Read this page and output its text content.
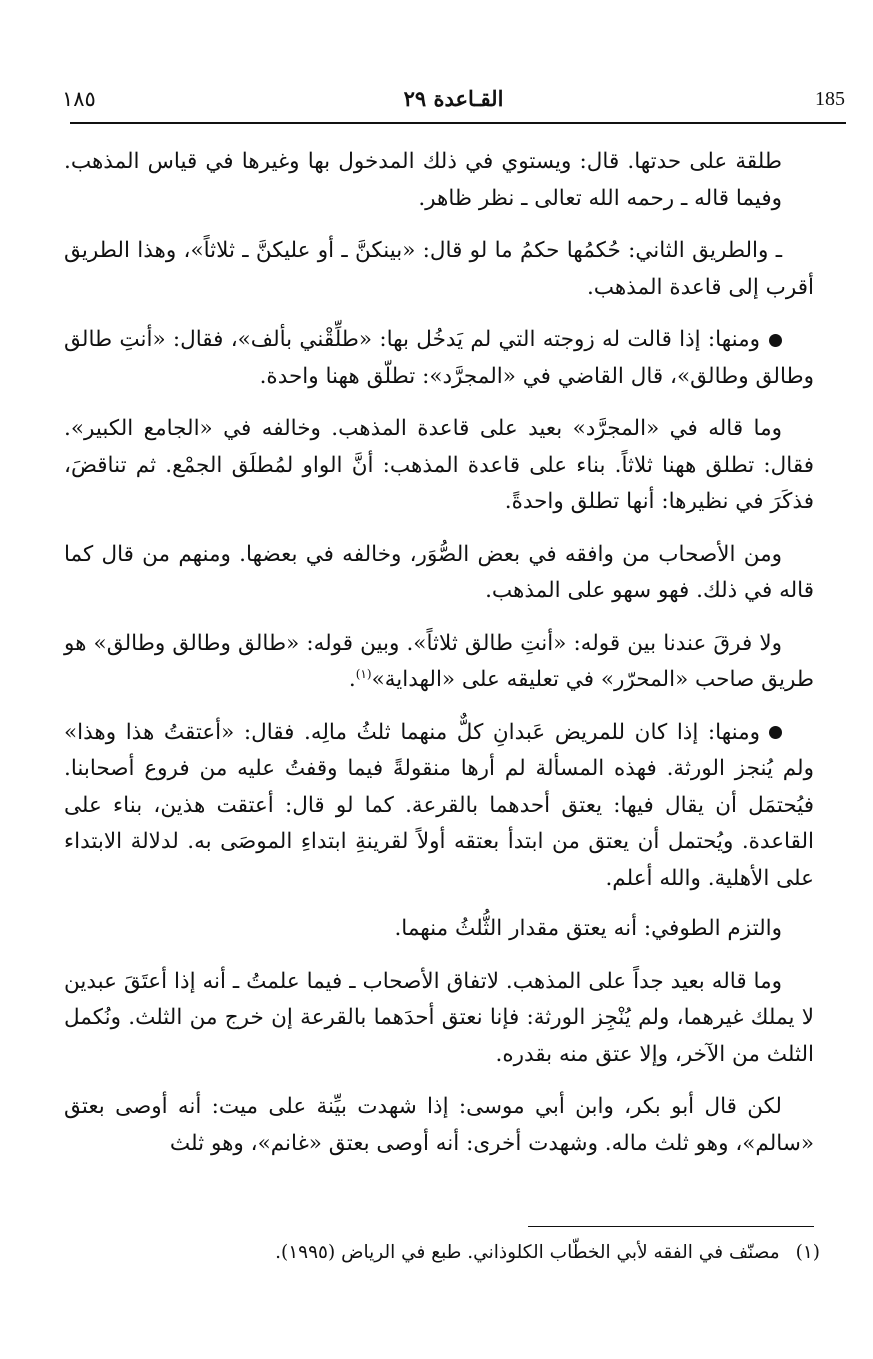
١٨٥	القـاعدة ٢٩	185

طلقة على حدتها. قال: ويستوي في ذلك المدخول بها وغيرها في قياس المذهب. وفيما قاله ـ رحمه الله تعالى ـ نظر ظاهر.

ـ والطريق الثاني: حُكمُها حكمُ ما لو قال: «بينكنَّ ـ أو عليكنَّ ـ ثلاثاً»، وهذا الطريق أقرب إلى قاعدة المذهب.

ومنها: إذا قالت له زوجته التي لم يَدخُل بها: «طلِّقْني بألف»، فقال: «أنتِ طالق وطالق وطالق»، قال القاضي في «المجرَّد»: تطلّق ههنا واحدة.

وما قاله في «المجرَّد» بعيد على قاعدة المذهب. وخالفه في «الجامع الكبير». فقال: تطلق ههنا ثلاثاً. بناء على قاعدة المذهب: أنَّ الواو لمُطلَق الجمْع. ثم تناقضَ، فذكَرَ في نظيرها: أنها تطلق واحدةً.

ومن الأصحاب من وافقه في بعض الصُّوَر، وخالفه في بعضها. ومنهم من قال كما قاله في ذلك. فهو سهو على المذهب.

ولا فرقَ عندنا بين قوله: «أنتِ طالق ثلاثاً». وبين قوله: «طالق وطالق وطالق» هو طريق صاحب «المحرّر» في تعليقه على «الهداية»$^{(١)}$.

ومنها: إذا كان للمريض عَبدانِ كلٌّ منهما ثلثُ مالِه. فقال: «أعتقتُ هذا وهذا» ولم يُنجز الورثة. فهذه المسألة لم أرها منقولةً فيما وقفتُ عليه من فروع أصحابنا. فيُحتمَل أن يقال فيها: يعتق أحدهما بالقرعة. كما لو قال: أعتقت هذين، بناء على القاعدة. ويُحتمل أن يعتق من ابتدأ بعتقه أولاً لقرينةِ ابتداءِ الموصَى به. لدلالة الابتداء على الأهلية. والله أعلم.

والتزم الطوفي: أنه يعتق مقدار الثُّلثُ منهما.

وما قاله بعيد جداً على المذهب. لاتفاق الأصحاب ـ فيما علمتُ ـ أنه إذا أعتَقَ عبدين لا يملك غيرهما، ولم يُنْجِز الورثة: فإنا نعتق أحدَهما بالقرعة إن خرج من الثلث. ونُكمل الثلث من الآخر، وإلا عتق منه بقدره.

لكن قال أبو بكر، وابن أبي موسى: إذا شهدت بيِّنة على ميت: أنه أوصى بعتق «سالم»، وهو ثلث ماله. وشهدت أخرى: أنه أوصى بعتق «غانم»، وهو ثلث

(١)مصنّف في الفقه لأبي الخطّاب الكلوذاني. طبع في الرياض (١٩٩٥).
